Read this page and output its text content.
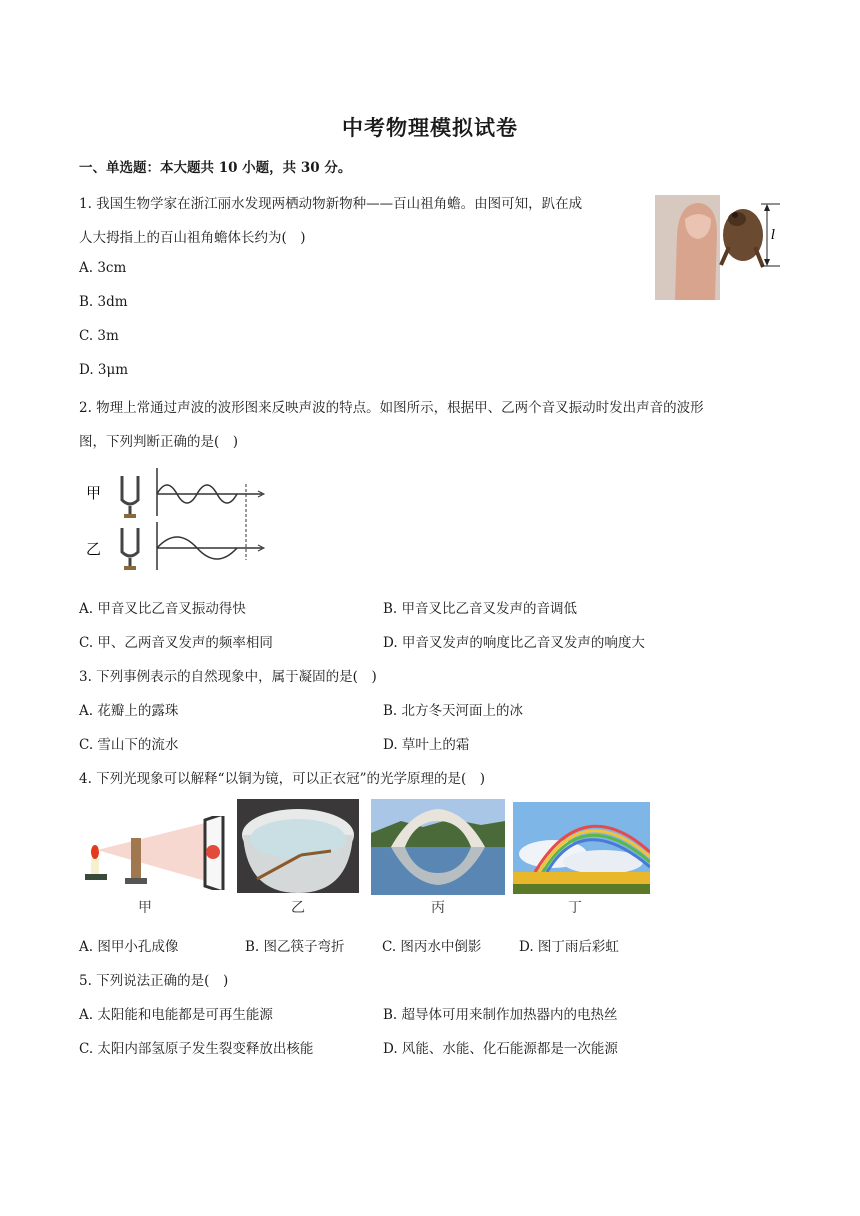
中考物理模拟试卷
一、单选题：本大题共 10 小题，共 30 分。
1. 我国生物学家在浙江丽水发现两栖动物新物种——百山祖角蟾。由图可知，趴在成
人大拇指上的百山祖角蟾体长约为(　)
A. 3cm
B. 3dm
C. 3m
D. 3μm
l
2. 物理上常通过声波的波形图来反映声波的特点。如图所示，根据甲、乙两个音叉振动时发出声音的波形
图，下列判断正确的是(　)
甲
乙
A. 甲音叉比乙音叉振动得快	B. 甲音叉比乙音叉发声的音调低
C. 甲、乙两音叉发声的频率相同	D. 甲音叉发声的响度比乙音叉发声的响度大
3. 下列事例表示的自然现象中，属于凝固的是(　)
A. 花瓣上的露珠	B. 北方冬天河面上的冰
C. 雪山下的流水	D. 草叶上的霜
4. 下列光现象可以解释“以铜为镜，可以正衣冠”的光学原理的是(　)
甲	乙	丙	丁
A. 图甲小孔成像	B. 图乙筷子弯折	C. 图丙水中倒影	D. 图丁雨后彩虹
5. 下列说法正确的是(　)
A. 太阳能和电能都是可再生能源	B. 超导体可用来制作加热器内的电热丝
C. 太阳内部氢原子发生裂变释放出核能	D. 风能、水能、化石能源都是一次能源
